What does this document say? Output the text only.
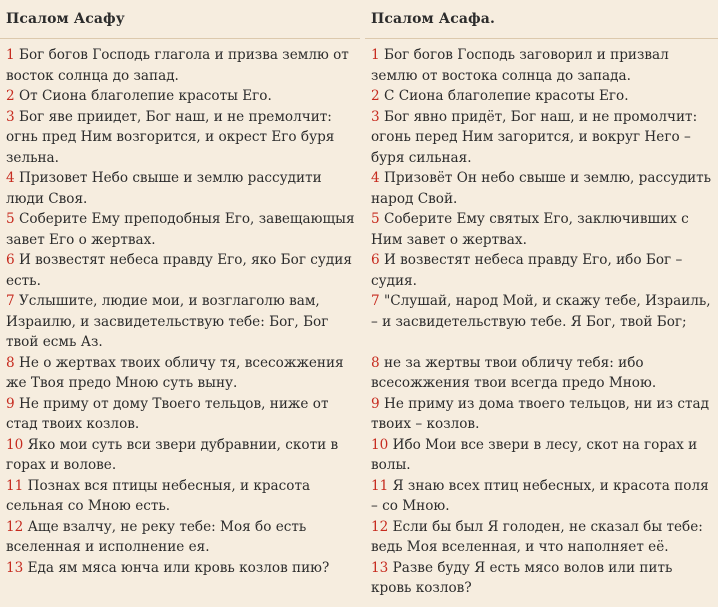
Псалом Асафу
1 Бог богов Господь глагола и призва землю от восток солнца до запад.
2 От Сиона благолепие красоты Его.
3 Бог яве приидет, Бог наш, и не премолчит: огнь пред Ним возгорится, и окрест Его буря зельна.
4 Призовет Небо свыше и землю рассудити люди Своя.
5 Соберите Ему преподобныя Его, завещающыя завет Его о жертвах.
6 И возвестят небеса правду Его, яко Бог судия есть.
7 Услышите, людие мои, и возглаголю вам, Израилю, и засвидетельствую тебе: Бог, Бог твой есмь Аз.
8 Не о жертвах твоих обличу тя, всесожжения же Твоя предо Мною суть выну.
9 Не приму от дому Твоего тельцов, ниже от стад твоих козлов.
10 Яко мои суть вси звери дубравнии, скоти в горах и волове.
11 Познах вся птицы небесныя, и красота сельная со Мною есть.
12 Аще взалчу, не реку тебе: Моя бо есть вселенная и исполнение ея.
13 Еда ям мяса юнча или кровь козлов пию?
Псалом Асафа.
1 Бог богов Господь заговорил и призвал землю от востока солнца до запада.
2 С Сиона благолепие красоты Его.
3 Бог явно придёт, Бог наш, и не промолчит: огонь перед Ним загорится, и вокруг Него – буря сильная.
4 Призовёт Он небо свыше и землю, рассудить народ Свой.
5 Соберите Ему святых Его, заключивших с Ним завет о жертвах.
6 И возвестят небеса правду Его, ибо Бог – судия.
7 "Слушай, народ Мой, и скажу тебе, Израиль, – и засвидетельствую тебе. Я Бог, твой Бог;
8 не за жертвы твои обличу тебя: ибо всесожжения твои всегда предо Мною.
9 Не приму из дома твоего тельцов, ни из стад твоих – козлов.
10 Ибо Мои все звери в лесу, скот на горах и волы.
11 Я знаю всех птиц небесных, и красота поля – со Мною.
12 Если бы был Я голоден, не сказал бы тебе: ведь Моя вселенная, и что наполняет её.
13 Разве буду Я есть мясо волов или пить кровь козлов?
